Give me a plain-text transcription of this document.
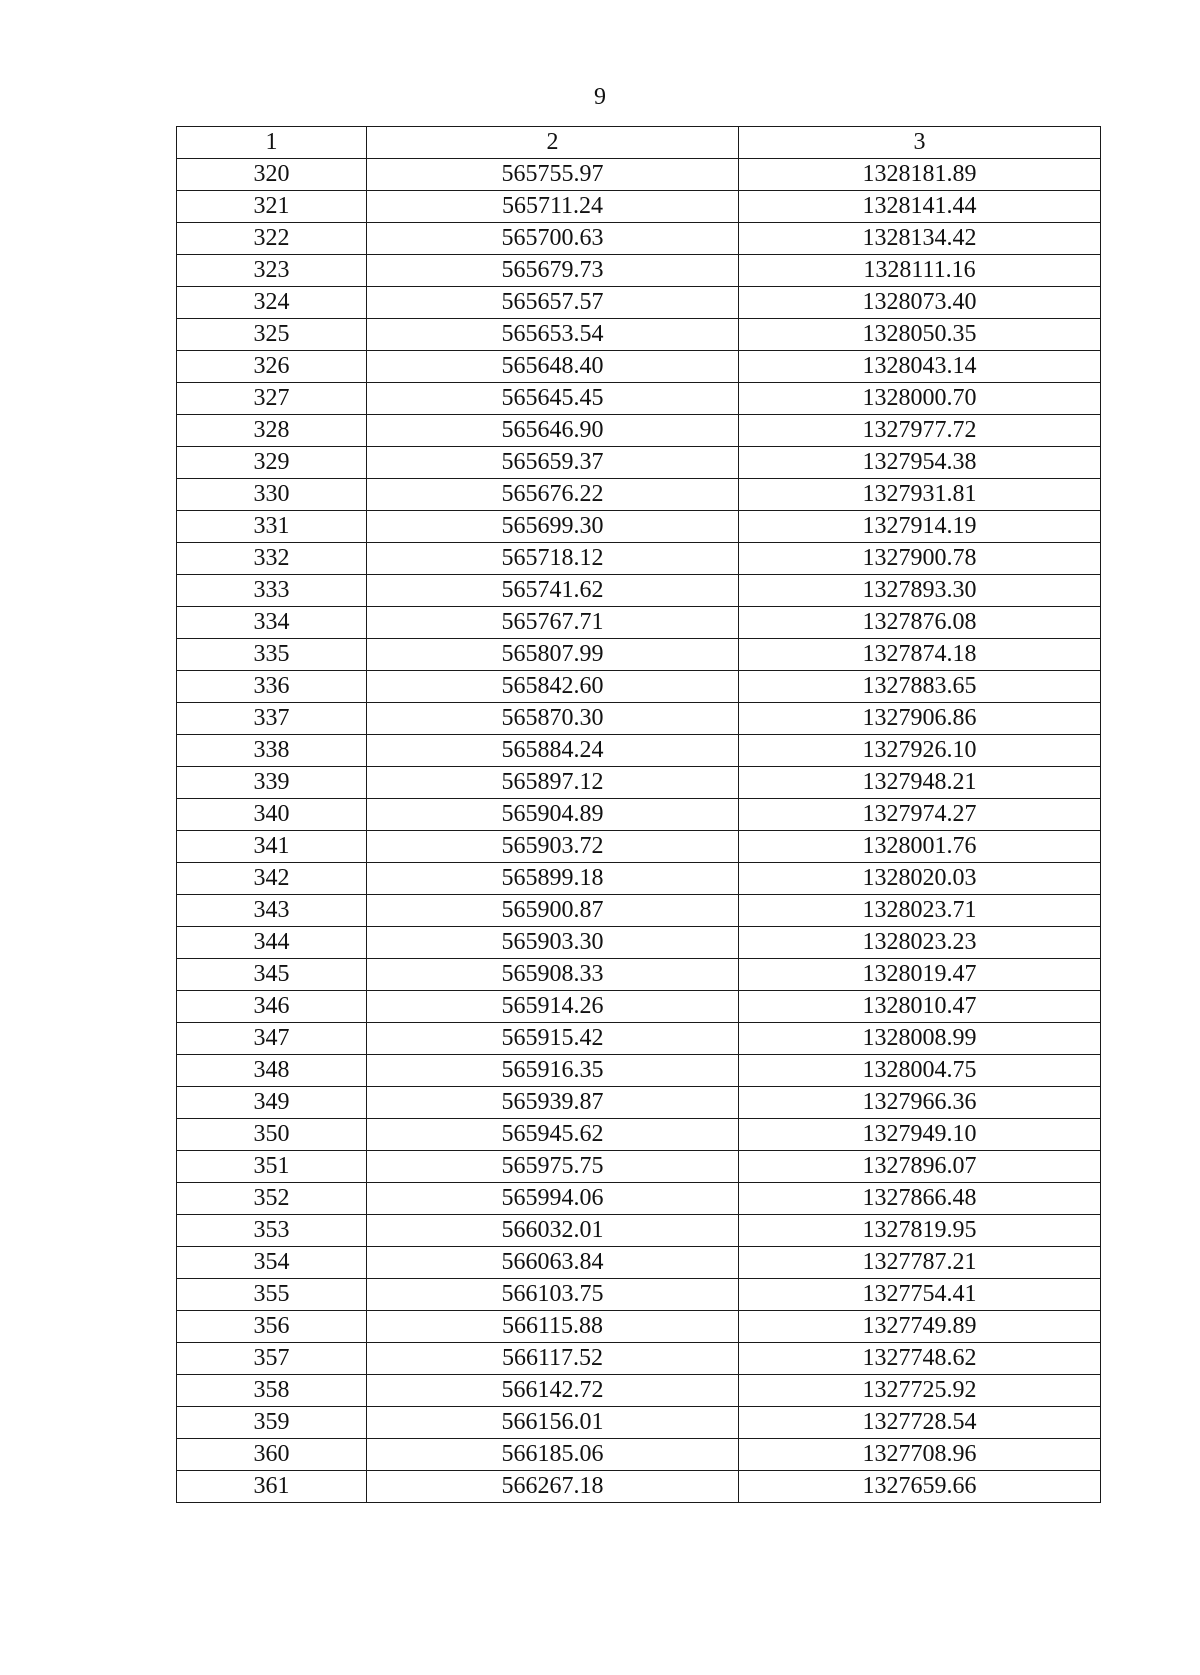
9
1	2	3
320	565755.97	1328181.89
321	565711.24	1328141.44
322	565700.63	1328134.42
323	565679.73	1328111.16
324	565657.57	1328073.40
325	565653.54	1328050.35
326	565648.40	1328043.14
327	565645.45	1328000.70
328	565646.90	1327977.72
329	565659.37	1327954.38
330	565676.22	1327931.81
331	565699.30	1327914.19
332	565718.12	1327900.78
333	565741.62	1327893.30
334	565767.71	1327876.08
335	565807.99	1327874.18
336	565842.60	1327883.65
337	565870.30	1327906.86
338	565884.24	1327926.10
339	565897.12	1327948.21
340	565904.89	1327974.27
341	565903.72	1328001.76
342	565899.18	1328020.03
343	565900.87	1328023.71
344	565903.30	1328023.23
345	565908.33	1328019.47
346	565914.26	1328010.47
347	565915.42	1328008.99
348	565916.35	1328004.75
349	565939.87	1327966.36
350	565945.62	1327949.10
351	565975.75	1327896.07
352	565994.06	1327866.48
353	566032.01	1327819.95
354	566063.84	1327787.21
355	566103.75	1327754.41
356	566115.88	1327749.89
357	566117.52	1327748.62
358	566142.72	1327725.92
359	566156.01	1327728.54
360	566185.06	1327708.96
361	566267.18	1327659.66
